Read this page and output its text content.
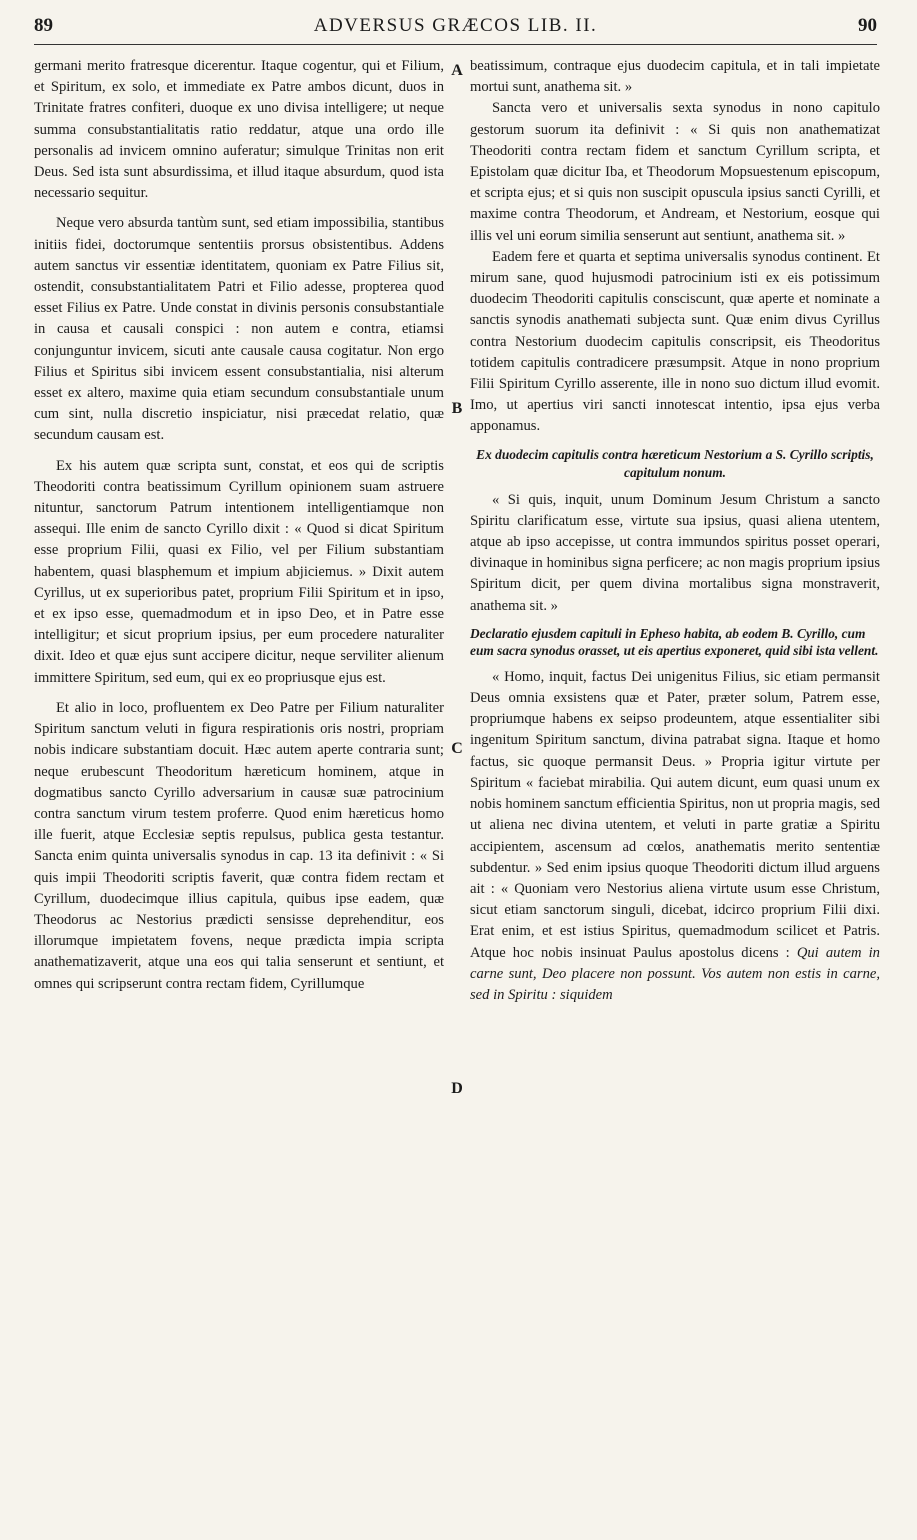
89	ADVERSUS GRÆCOS LIB. II.	90
A
B
C
D

germani merito fratresque dicerentur. Itaque cogentur, qui et Filium, et Spiritum, ex solo, et immediate ex Patre ambos dicunt, duos in Trinitate fratres confiteri, duoque ex uno divisa intelligere; ut neque summa consubstantialitatis ratio reddatur, atque una ordo ille personalis ad invicem omnino auferatur; simulque Trinitas non erit Deus. Sed ista sunt absurdissima, et illud itaque absurdum, quod ista necessario sequitur.

Neque vero absurda tantùm sunt, sed etiam impossibilia, stantibus initiis fidei, doctorumque sententiis prorsus obsistentibus. Addens autem sanctus vir essentiæ identitatem, quoniam ex Patre Filius sit, ostendit, consubstantialitatem Patri et Filio adesse, propterea quod esset Filius ex Patre. Unde constat in divinis personis consubstantiale in causa et causali conspici : non autem e contra, etiamsi conjunguntur invicem, sicuti ante causale causa cogitatur. Non ergo Filius et Spiritus sibi invicem essent consubstantialia, nisi alterum esset ex altero, maxime quia etiam secundum consubstantiale unum cum sint, nulla discretio inspiciatur, nisi præcedat relatio, quæ secundum causam est.

Ex his autem quæ scripta sunt, constat, et eos qui de scriptis Theodoriti contra beatissimum Cyrillum opinionem suam astruere nituntur, sanctorum Patrum intentionem intelligentiamque non assequi. Ille enim de sancto Cyrillo dixit : « Quod si dicat Spiritum esse proprium Filii, quasi ex Filio, vel per Filium substantiam habentem, quasi blasphemum et impium abjiciemus. » Dixit autem Cyrillus, ut ex superioribus patet, proprium Filii Spiritum et in ipso, et ex ipso esse, quemadmodum et in ipso Deo, et in Patre esse intelligitur; et sicut proprium ipsius, per eum procedere naturaliter dixit. Ideo et quæ ejus sunt accipere dicitur, neque serviliter alienum immittere Spiritum, sed eum, qui ex eo propriusque ejus est.

Et alio in loco, profluentem ex Deo Patre per Filium naturaliter Spiritum sanctum veluti in figura respirationis oris nostri, propriam nobis indicare substantiam docuit. Hæc autem aperte contraria sunt; neque erubescunt Theodoritum hæreticum hominem, atque in dogmatibus sancto Cyrillo adversarium in causæ suæ patrocinium contra sanctum virum testem proferre. Quod enim hæreticus homo ille fuerit, atque Ecclesiæ septis repulsus, publica gesta testantur. Sancta enim quinta universalis synodus in cap. 13 ita definivit : « Si quis impii Theodoriti scriptis faverit, quæ contra fidem rectam et Cyrillum, duodecimque illius capitula, quibus ipse eadem, quæ Theodorus ac Nestorius prædicti sensisse deprehenditur, eos illorumque impietatem fovens, neque prædicta impia scripta anathematizaverit, atque una eos qui talia senserunt et sentiunt, et omnes qui scripserunt contra rectam fidem, Cyrillumque

beatissimum, contraque ejus duodecim capitula, et in tali impietate mortui sunt, anathema sit. »

Sancta vero et universalis sexta synodus in nono capitulo gestorum suorum ita definivit : « Si quis non anathematizat Theodoriti contra rectam fidem et sanctum Cyrillum scripta, et Epistolam quæ dicitur Iba, et Theodorum Mopsuestenum episcopum, et scripta ejus; et si quis non suscipit opuscula ipsius sancti Cyrilli, et maxime contra Theodorum, et Andream, et Nestorium, eosque qui illis vel uni eorum similia senserunt aut sentiunt, anathema sit. »

Eadem fere et quarta et septima universalis synodus continent. Et mirum sane, quod hujusmodi patrocinium isti ex eis potissimum duodecim Theodoriti capitulis consciscunt, quæ aperte et nominate a sanctis synodis anathemati subjecta sunt. Quæ enim divus Cyrillus contra Nestorium duodecim capitulis conscripsit, eis Theodoritus totidem capitulis contradicere præsumpsit. Atque in nono proprium Filii Spiritum Cyrillo asserente, ille in nono suo dictum illud evomit. Imo, ut apertius viri sancti innotescat intentio, ipsa ejus verba apponamus.

Ex duodecim capitulis contra hæreticum Nestorium a S. Cyrillo scriptis, capitulum nonum.

« Si quis, inquit, unum Dominum Jesum Christum a sancto Spiritu clarificatum esse, virtute sua ipsius, quasi aliena utentem, atque ab ipso accepisse, ut contra immundos spiritus posset operari, divinaque in hominibus signa perficere; ac non magis proprium ipsius Spiritum dicit, per quem divina mortalibus signa monstraverit, anathema sit. »

Declaratio ejusdem capituli in Epheso habita, ab eodem B. Cyrillo, cum eum sacra synodus orasset, ut eis apertius exponeret, quid sibi ista vellent.

« Homo, inquit, factus Dei unigenitus Filius, sic etiam permansit Deus omnia exsistens quæ et Pater, præter solum, Patrem esse, propriumque habens ex seipso prodeuntem, atque essentialiter sibi ingenitum Spiritum sanctum, divina patrabat signa. Itaque et homo factus, sic quoque permansit Deus. » Propria igitur virtute per Spiritum « faciebat mirabilia. Qui autem dicunt, eum quasi unum ex nobis hominem sanctum efficientia Spiritus, non ut propria magis, sed ut aliena nec divina utentem, et veluti in parte gratiæ a Spiritu accipientem, ascensum ad cœlos, anathematis merito sententiæ subdentur. » Sed enim ipsius quoque Theodoriti dictum illud arguens ait : « Quoniam vero Nestorius aliena virtute usum esse Christum, sicut etiam sanctorum singuli, dicebat, idcirco proprium Filii dixi. Erat enim, et est istius Spiritus, quemadmodum scilicet et Patris. Atque hoc nobis insinuat Paulus apostolus dicens : Qui autem in carne sunt, Deo placere non possunt. Vos autem non estis in carne, sed in Spiritu : siquidem
